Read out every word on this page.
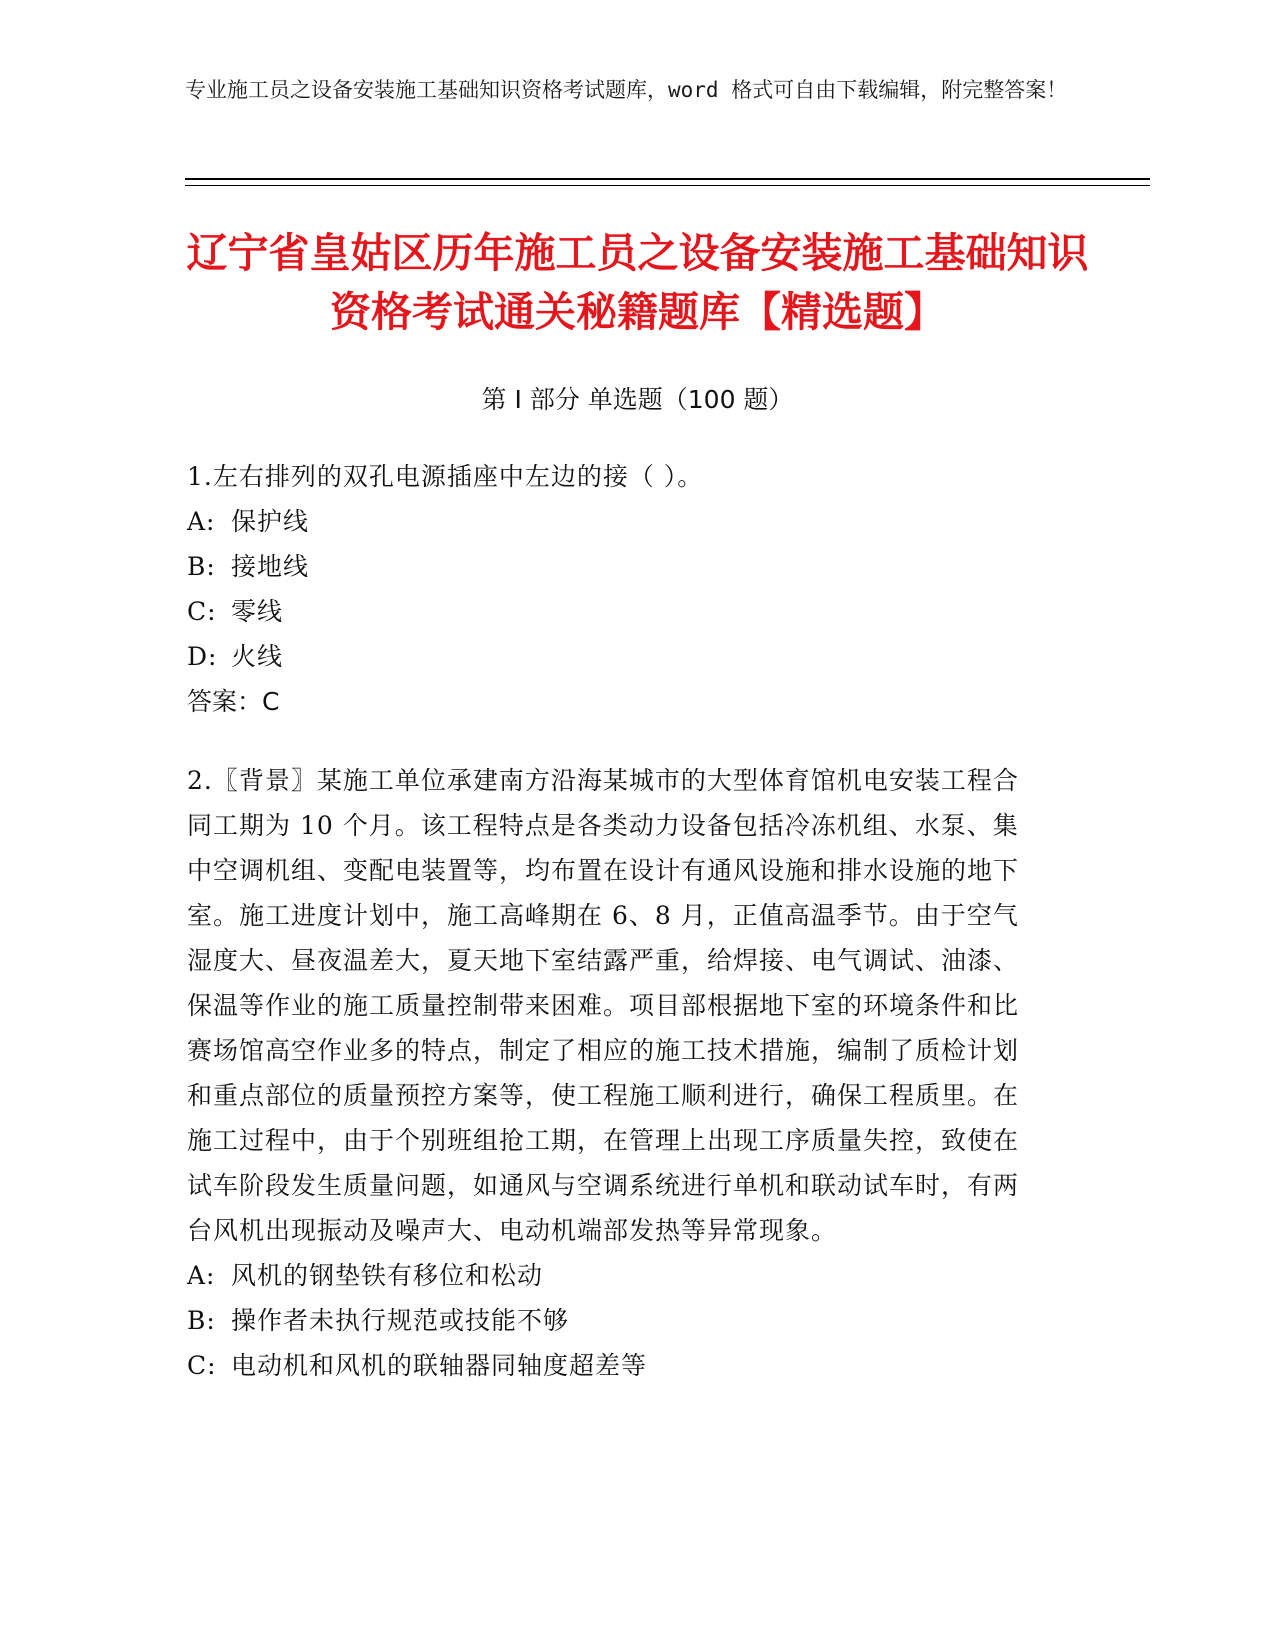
专业施工员之设备安装施工基础知识资格考试题库，word 格式可自由下载编辑，附完整答案！
辽宁省皇姑区历年施工员之设备安装施工基础知识资格考试通关秘籍题库【精选题】
第 I 部分 单选题（100 题）

1.左右排列的双孔电源插座中左边的接（ ）。

A: 保护线
B: 接地线
C: 零线
D: 火线
答案：C

2.〖背景〗某施工单位承建南方沿海某城市的大型体育馆机电安装工程合同工期为 10 个月。该工程特点是各类动力设备包括冷冻机组、水泵、集中空调机组、变配电装置等，均布置在设计有通风设施和排水设施的地下室。施工进度计划中，施工高峰期在 6、8 月，正值高温季节。由于空气湿度大、昼夜温差大，夏天地下室结露严重，给焊接、电气调试、油漆、保温等作业的施工质量控制带来困难。项目部根据地下室的环境条件和比赛场馆高空作业多的特点，制定了相应的施工技术措施，编制了质检计划和重点部位的质量预控方案等，使工程施工顺利进行，确保工程质里。在施工过程中，由于个别班组抢工期，在管理上出现工序质量失控，致使在试车阶段发生质量问题，如通风与空调系统进行单机和联动试车时，有两台风机出现振动及噪声大、电动机端部发热等异常现象。

A: 风机的钢垫铁有移位和松动
B: 操作者未执行规范或技能不够
C: 电动机和风机的联轴器同轴度超差等
